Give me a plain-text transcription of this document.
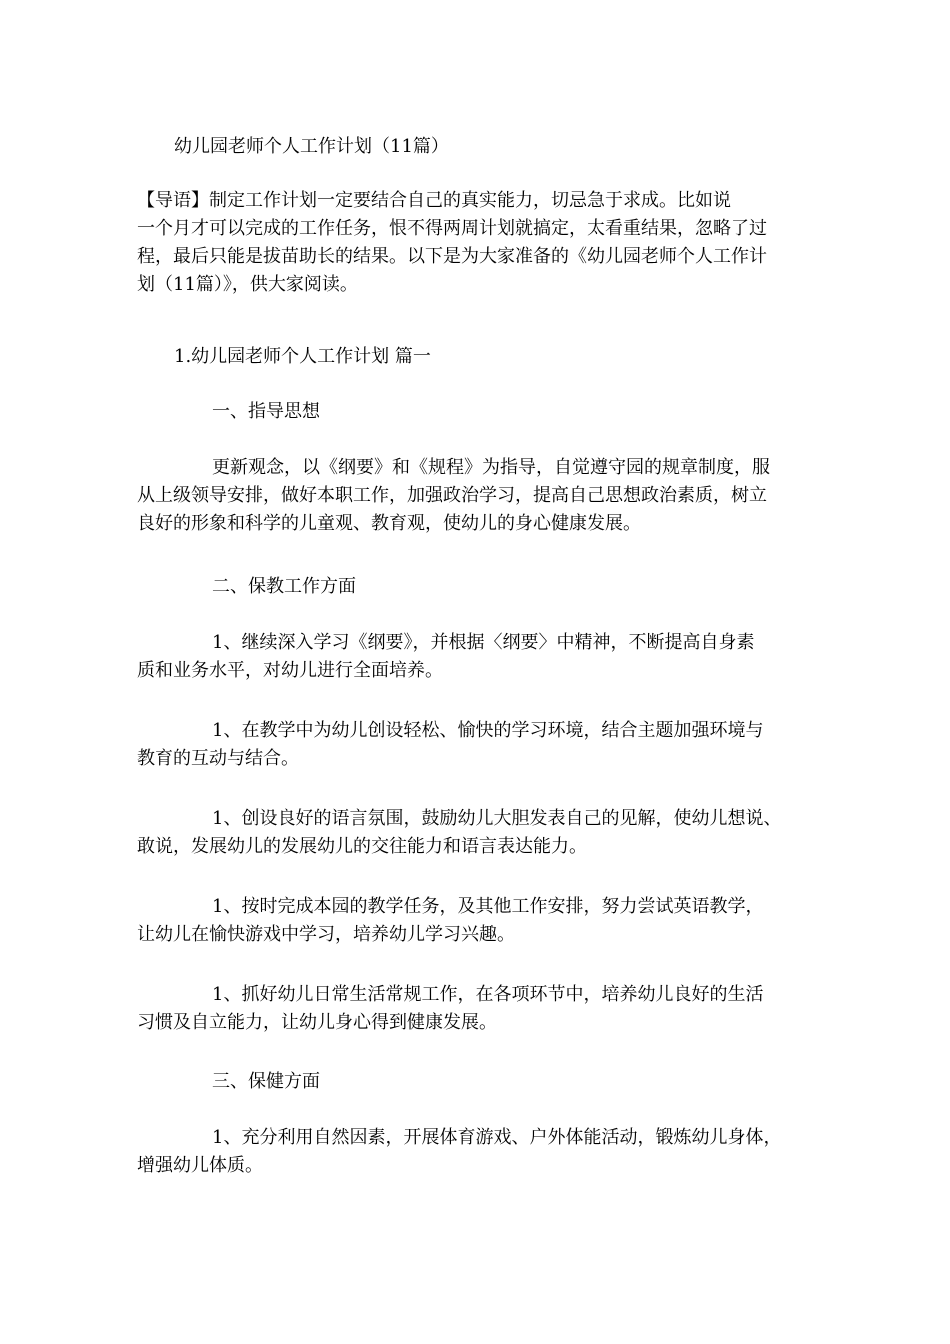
幼儿园老师个人工作计划（11篇）

【导语】制定工作计划一定要结合自己的真实能力，切忌急于求成。比如说
一个月才可以完成的工作任务，恨不得两周计划就搞定，太看重结果，忽略了过
程，最后只能是拔苗助长的结果。以下是为大家准备的《幼儿园老师个人工作计
划（11篇）》，供大家阅读。

1.幼儿园老师个人工作计划 篇一

一、指导思想

更新观念，以《纲要》和《规程》为指导，自觉遵守园的规章制度，服
从上级领导安排，做好本职工作，加强政治学习，提高自己思想政治素质，树立
良好的形象和科学的儿童观、教育观，使幼儿的身心健康发展。

二、保教工作方面

1、继续深入学习《纲要》，并根据〈纲要〉中精神，不断提高自身素
质和业务水平，对幼儿进行全面培养。

1、在教学中为幼儿创设轻松、愉快的学习环境，结合主题加强环境与
教育的互动与结合。

1、创设良好的语言氛围，鼓励幼儿大胆发表自己的见解，使幼儿想说、
敢说，发展幼儿的发展幼儿的交往能力和语言表达能力。

1、按时完成本园的教学任务，及其他工作安排，努力尝试英语教学，
让幼儿在愉快游戏中学习，培养幼儿学习兴趣。

1、抓好幼儿日常生活常规工作，在各项环节中，培养幼儿良好的生活
习惯及自立能力，让幼儿身心得到健康发展。

三、保健方面

1、充分利用自然因素，开展体育游戏、户外体能活动，锻炼幼儿身体，
增强幼儿体质。
